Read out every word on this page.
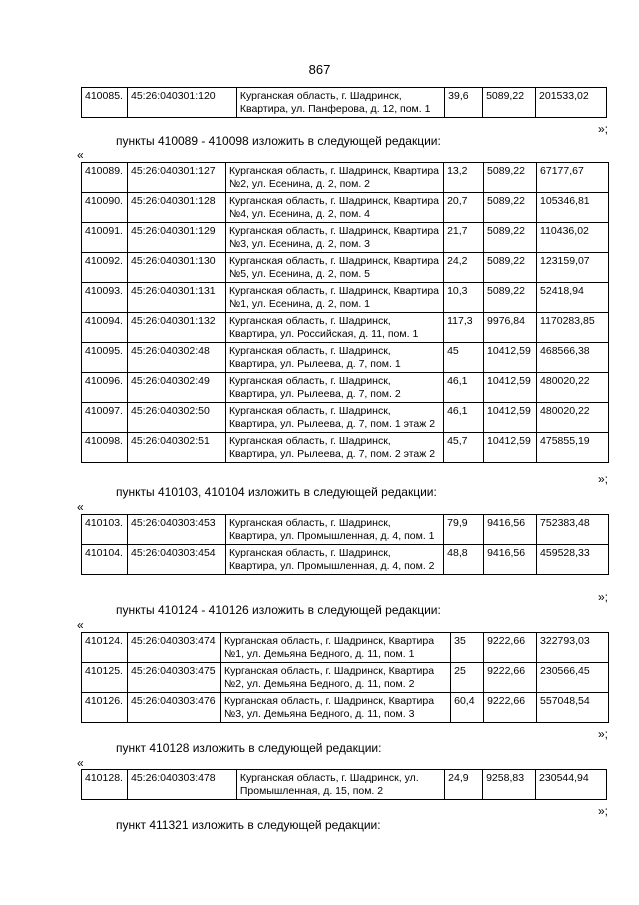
867
410085.	45:26:040301:120	Курганская область, г. Шадринск, Квартира, ул. Панферова, д. 12, пом. 1	39,6	5089,22	201533,02
»;
пункты 410089 - 410098 изложить в следующей редакции:
«
410089.	45:26:040301:127	Курганская область, г. Шадринск, Квартира №2, ул. Есенина, д. 2, пом. 2	13,2	5089,22	67177,67
410090.	45:26:040301:128	Курганская область, г. Шадринск, Квартира №4, ул. Есенина, д. 2, пом. 4	20,7	5089,22	105346,81
410091.	45:26:040301:129	Курганская область, г. Шадринск, Квартира №3, ул. Есенина, д. 2, пом. 3	21,7	5089,22	110436,02
410092.	45:26:040301:130	Курганская область, г. Шадринск, Квартира №5, ул. Есенина, д. 2, пом. 5	24,2	5089,22	123159,07
410093.	45:26:040301:131	Курганская область, г. Шадринск, Квартира №1, ул. Есенина, д. 2, пом. 1	10,3	5089,22	52418,94
410094.	45:26:040301:132	Курганская область, г. Шадринск, Квартира, ул. Российская, д. 11, пом. 1	117,3	9976,84	1170283,85
410095.	45:26:040302:48	Курганская область, г. Шадринск, Квартира, ул. Рылеева, д. 7, пом. 1	45	10412,59	468566,38
410096.	45:26:040302:49	Курганская область, г. Шадринск, Квартира, ул. Рылеева, д. 7, пом. 2	46,1	10412,59	480020,22
410097.	45:26:040302:50	Курганская область, г. Шадринск, Квартира, ул. Рылеева, д. 7, пом. 1 этаж 2	46,1	10412,59	480020,22
410098.	45:26:040302:51	Курганская область, г. Шадринск, Квартира, ул. Рылеева, д. 7, пом. 2 этаж 2	45,7	10412,59	475855,19
»;
пункты 410103, 410104 изложить в следующей редакции:
«
410103.	45:26:040303:453	Курганская область, г. Шадринск, Квартира, ул. Промышленная, д. 4, пом. 1	79,9	9416,56	752383,48
410104.	45:26:040303:454	Курганская область, г. Шадринск, Квартира, ул. Промышленная, д. 4, пом. 2	48,8	9416,56	459528,33
»;
пункты 410124 - 410126 изложить в следующей редакции:
«
410124.	45:26:040303:474	Курганская область, г. Шадринск, Квартира №1, ул. Демьяна Бедного, д. 11, пом. 1	35	9222,66	322793,03
410125.	45:26:040303:475	Курганская область, г. Шадринск, Квартира №2, ул. Демьяна Бедного, д. 11, пом. 2	25	9222,66	230566,45
410126.	45:26:040303:476	Курганская область, г. Шадринск, Квартира №3, ул. Демьяна Бедного, д. 11, пом. 3	60,4	9222,66	557048,54
»;
пункт 410128 изложить в следующей редакции:
«
410128.	45:26:040303:478	Курганская область, г. Шадринск, ул. Промышленная, д. 15, пом. 2	24,9	9258,83	230544,94
»;
пункт 411321 изложить в следующей редакции:
